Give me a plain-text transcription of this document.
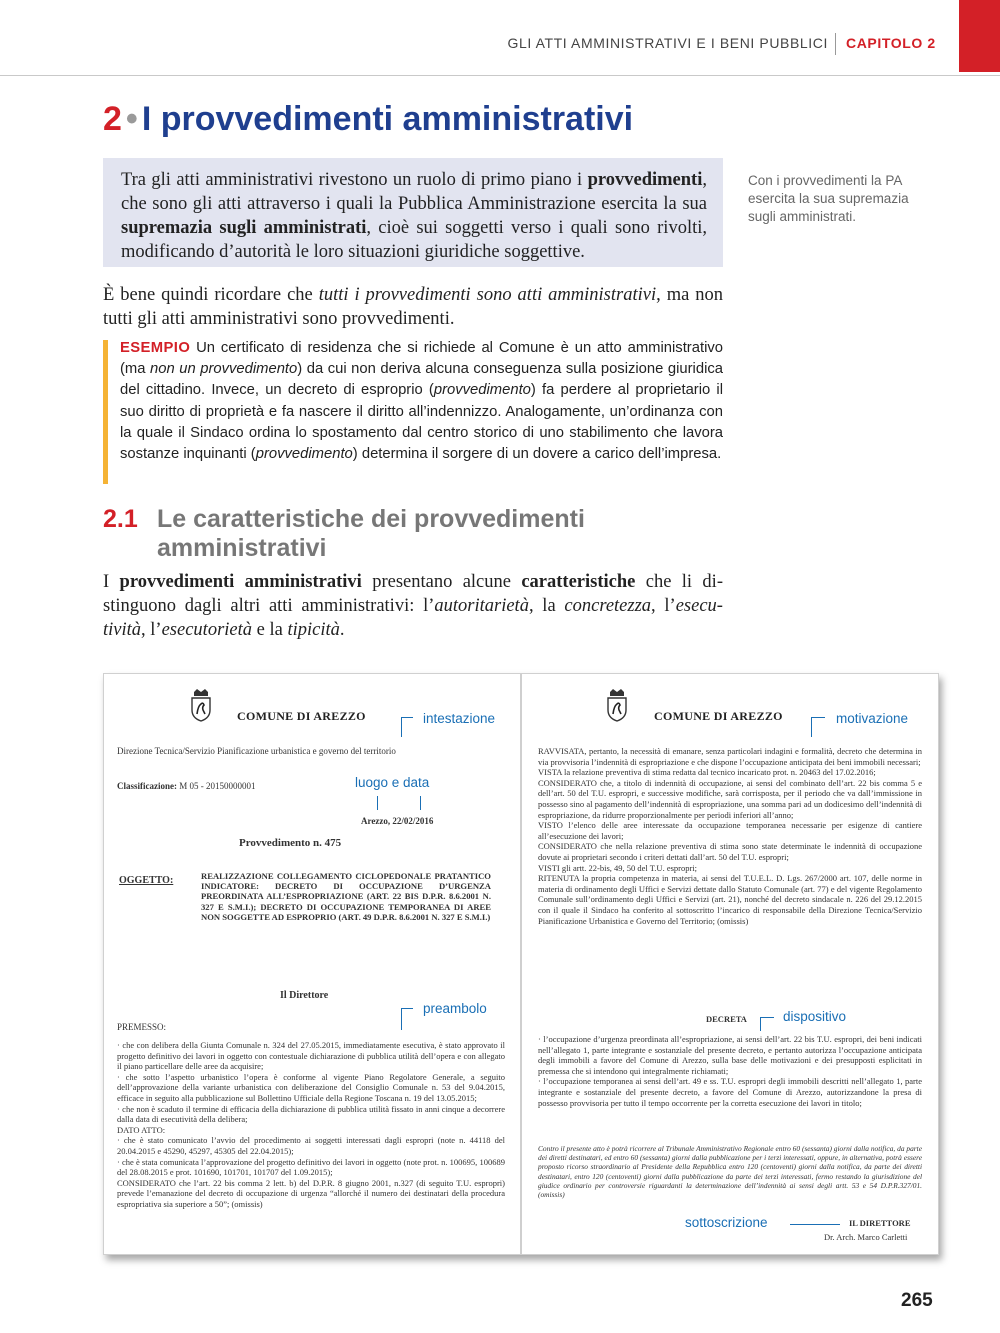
GLI ATTI AMMINISTRATIVI E I BENI PUBBLICI CAPITOLO 2
2 • I provvedimenti amministrativi

Tra gli atti amministrativi rivestono un ruolo di primo piano i provvedimenti, che sono gli atti attraverso i quali la Pubblica Amministrazione esercita la sua supremazia sugli amministrati, cioè sui soggetti verso i quali sono rivolti, modificando d’autorità le loro situazioni giuridiche soggettive.

Con i provvedimenti la PA esercita la sua supremazia sugli amministrati.

È bene quindi ricordare che tutti i provvedimenti sono atti amministrativi, ma non tutti gli atti amministrativi sono provvedimenti.

ESEMPIO Un certificato di residenza che si richiede al Comune è un atto amministrativo (ma non un provvedimento) da cui non deriva alcuna conseguenza sulla posizione giuridica del cittadino. Invece, un decreto di esproprio (provvedimento) fa perdere al proprietario il suo diritto di proprietà e fa nascere il diritto all’indennizzo. Analogamente, un’ordinanza con la quale il Sindaco ordina lo spostamento dal centro storico di uno stabilimento che lavora sostanze inquinanti (provvedimento) determina il sorgere di un dovere a carico dell’impresa.

2.1 Le caratteristiche dei provvedimenti amministrativi

I provvedimenti amministrativi presentano alcune caratteristiche che li distinguono dagli altri atti amministrativi: l’autoritarietà, la concretezza, l’esecutività, l’esecutorietà e la tipicità.

COMUNE DI AREZZO
Direzione Tecnica/Servizio Pianificazione urbanistica e governo del territorio
Classificazione: M 05 - 20150000001
Arezzo, 22/02/2016
Provvedimento n. 475
OGGETTO:	REALIZZAZIONE COLLEGAMENTO CICLOPEDONALE PRATANTICO INDICATORE: DECRETO DI OCCUPAZIONE D’URGENZA PREORDINATA ALL’ESPROPRIAZIONE (ART. 22 BIS D.P.R. 8.6.2001 N. 327 E S.M.I.); DECRETO DI OCCUPAZIONE TEMPORANEA DI AREE NON SOGGETTE AD ESPROPRIO (ART. 49 D.P.R. 8.6.2001 N. 327 E S.M.I.)
Il Direttore
PREMESSO:
· che con delibera della Giunta Comunale n. 324 del 27.05.2015, immediatamente esecutiva, è stato approvato il progetto definitivo dei lavori in oggetto con contestuale dichiarazione di pubblica utilità dell’opera e con allegato il piano particellare delle aree da acquisire;
· che sotto l’aspetto urbanistico l’opera è conforme al vigente Piano Regolatore Generale, a seguito dell’approvazione della variante urbanistica con deliberazione del Consiglio Comunale n. 53 del 9.04.2015, efficace in seguito alla pubblicazione sul Bollettino Ufficiale della Regione Toscana n. 19 del 13.05.2015;
· che non è scaduto il termine di efficacia della dichiarazione di pubblica utilità fissato in anni cinque a decorrere dalla data di esecutività della delibera;
DATO ATTO:
· che è stato comunicato l’avvio del procedimento ai soggetti interessati dagli espropri (note n. 44118 del 20.04.2015 e 45290, 45297, 45305 del 22.04.2015);
· che è stata comunicata l’approvazione del progetto definitivo dei lavori in oggetto (note prot. n. 100695, 100689 del 28.08.2015 e prot. 101690, 101701, 101707 del 1.09.2015);
CONSIDERATO che l’art. 22 bis comma 2 lett. b) del D.P.R. 8 giugno 2001, n.327 (di seguito T.U. espropri) prevede l’emanazione del decreto di occupazione di urgenza “allorché il numero dei destinatari della procedura espropriativa sia superiore a 50”; (omissis)
COMUNE DI AREZZO
RAVVISATA, pertanto, la necessità di emanare, senza particolari indagini e formalità, decreto che determina in via provvisoria l’indennità di espropriazione e che dispone l’occupazione anticipata dei beni immobili necessari;
VISTA la relazione preventiva di stima redatta dal tecnico incaricato prot. n. 20463 del 17.02.2016;
CONSIDERATO che, a titolo di indennità di occupazione, ai sensi del combinato dell’art. 22 bis comma 5 e dell’art. 50 del T.U. espropri, e successive modifiche, sarà corrisposta, per il periodo che va dall’immissione in possesso sino al pagamento dell’indennità di espropriazione, una somma pari ad un dodicesimo dell’indennità di espropriazione, da ridurre proporzionalmente per periodi inferiori all’anno;
VISTO l’elenco delle aree interessate da occupazione temporanea necessarie per esigenze di cantiere all’esecuzione dei lavori;
CONSIDERATO che nella relazione preventiva di stima sono state determinate le indennità di occupazione dovute ai proprietari secondo i criteri dettati dall’art. 50 del T.U. espropri;
VISTI gli artt. 22-bis, 49, 50 del T.U. espropri;
RITENUTA la propria competenza in materia, ai sensi del T.U.E.L. D. Lgs. 267/2000 art. 107, delle norme in materia di ordinamento degli Uffici e Servizi dettate dallo Statuto Comunale (art. 77) e del vigente Regolamento Comunale sull’ordinamento degli Uffici e Servizi (art. 21), nonché del decreto sindacale n. 226 del 29.12.2015 con il quale il Sindaco ha conferito al sottoscritto l’incarico di responsabile della Direzione Tecnica/Servizio Pianificazione Urbanistica e Governo del Territorio; (omissis)
DECRETA
· l’occupazione d’urgenza preordinata all’espropriazione, ai sensi dell’art. 22 bis T.U. espropri, dei beni indicati nell’allegato 1, parte integrante e sostanziale del presente decreto, e pertanto autorizza l’occupazione anticipata degli immobili a favore del Comune di Arezzo, sulla base delle motivazioni e dei presupposti esplicitati in premessa che si intendono qui integralmente richiamati;
· l’occupazione temporanea ai sensi dell’art. 49 e ss. T.U. espropri degli immobili descritti nell’allegato 1, parte integrante e sostanziale del presente decreto, a favore del Comune di Arezzo, autorizzandone la presa di possesso provvisoria per tutto il tempo occorrente per la corretta esecuzione dei lavori in titolo;
Contro il presente atto è potrà ricorrere al Tribunale Amministrativo Regionale entro 60 (sessanta) giorni dalla notifica, da parte dei diretti destinatari, ed entro 60 (sessanta) giorni dalla pubblicazione per i terzi interessati, oppure, in alternativa, potrà essere proposto ricorso straordinario al Presidente della Repubblica entro 120 (centoventi) giorni dalla notifica, da parte dei diretti destinatari, entro 120 (centoventi) giorni dalla pubblicazione da parte dei terzi interessati, fermo restando la giurisdizione del giudice ordinario per controversie riguardanti la determinazione dell’indennità ai sensi degli artt. 53 e 54 D.P.R.327/01. (omissis)
IL DIRETTORE
Dr. Arch. Marco Carletti
intestazione
luogo e data
preambolo
motivazione
dispositivo
sottoscrizione
265
